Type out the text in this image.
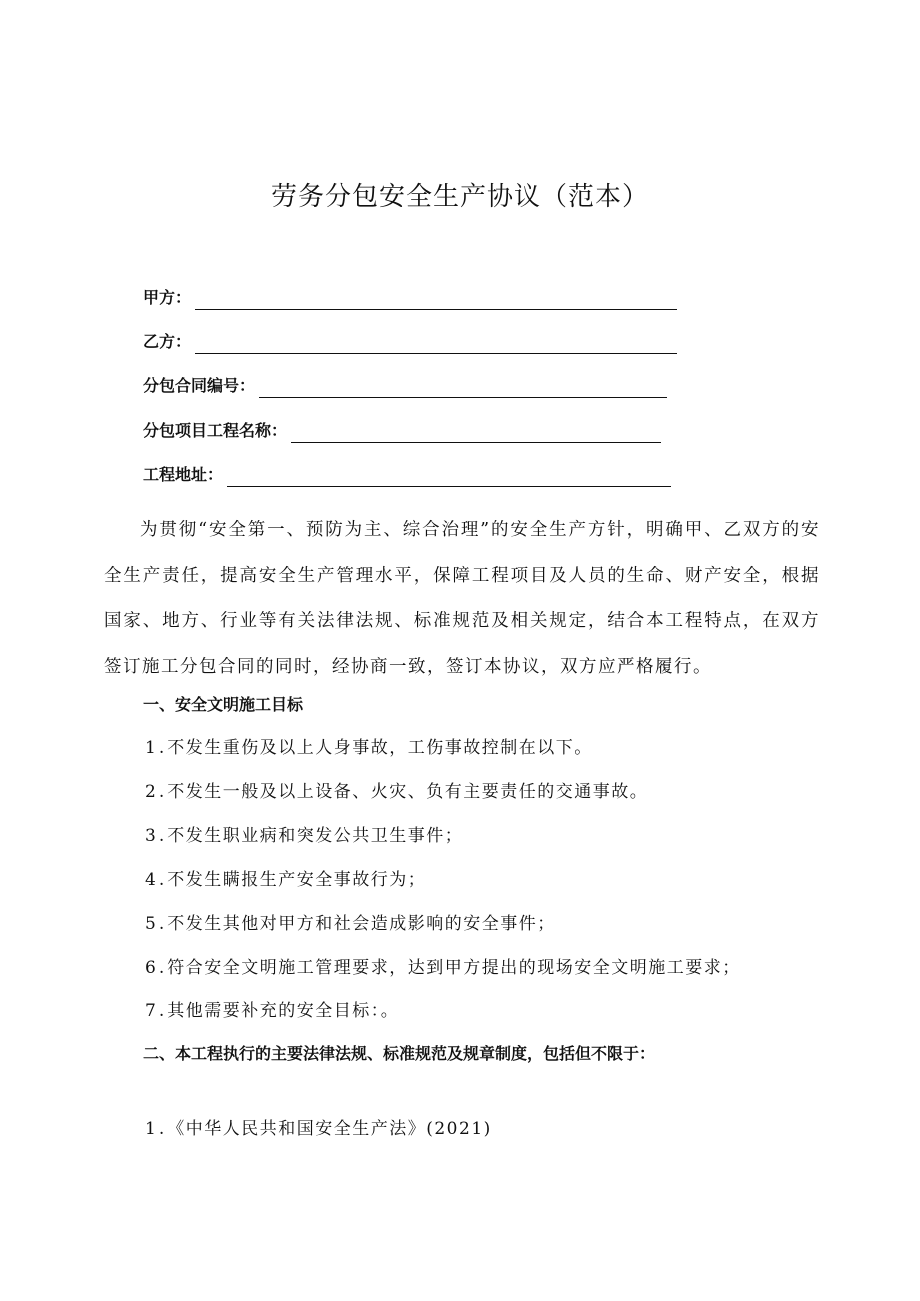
劳务分包安全生产协议（范本）
甲方：
乙方：
分包合同编号：
分包项目工程名称：
工程地址：

为贯彻“安全第一、预防为主、综合治理”的安全生产方针，明确甲、乙双方的安全生产责任，提高安全生产管理水平，保障工程项目及人员的生命、财产安全，根据国家、地方、行业等有关法律法规、标准规范及相关规定，结合本工程特点，在双方签订施工分包合同的同时，经协商一致，签订本协议，双方应严格履行。

一、安全文明施工目标
1.不发生重伤及以上人身事故，工伤事故控制在以下。
2.不发生一般及以上设备、火灾、负有主要责任的交通事故。
3.不发生职业病和突发公共卫生事件；
4.不发生瞒报生产安全事故行为；
5.不发生其他对甲方和社会造成影响的安全事件；
6.符合安全文明施工管理要求，达到甲方提出的现场安全文明施工要求；
7.其他需要补充的安全目标：。
二、本工程执行的主要法律法规、标准规范及规章制度，包括但不限于：
1.《中华人民共和国安全生产法》(2021)
